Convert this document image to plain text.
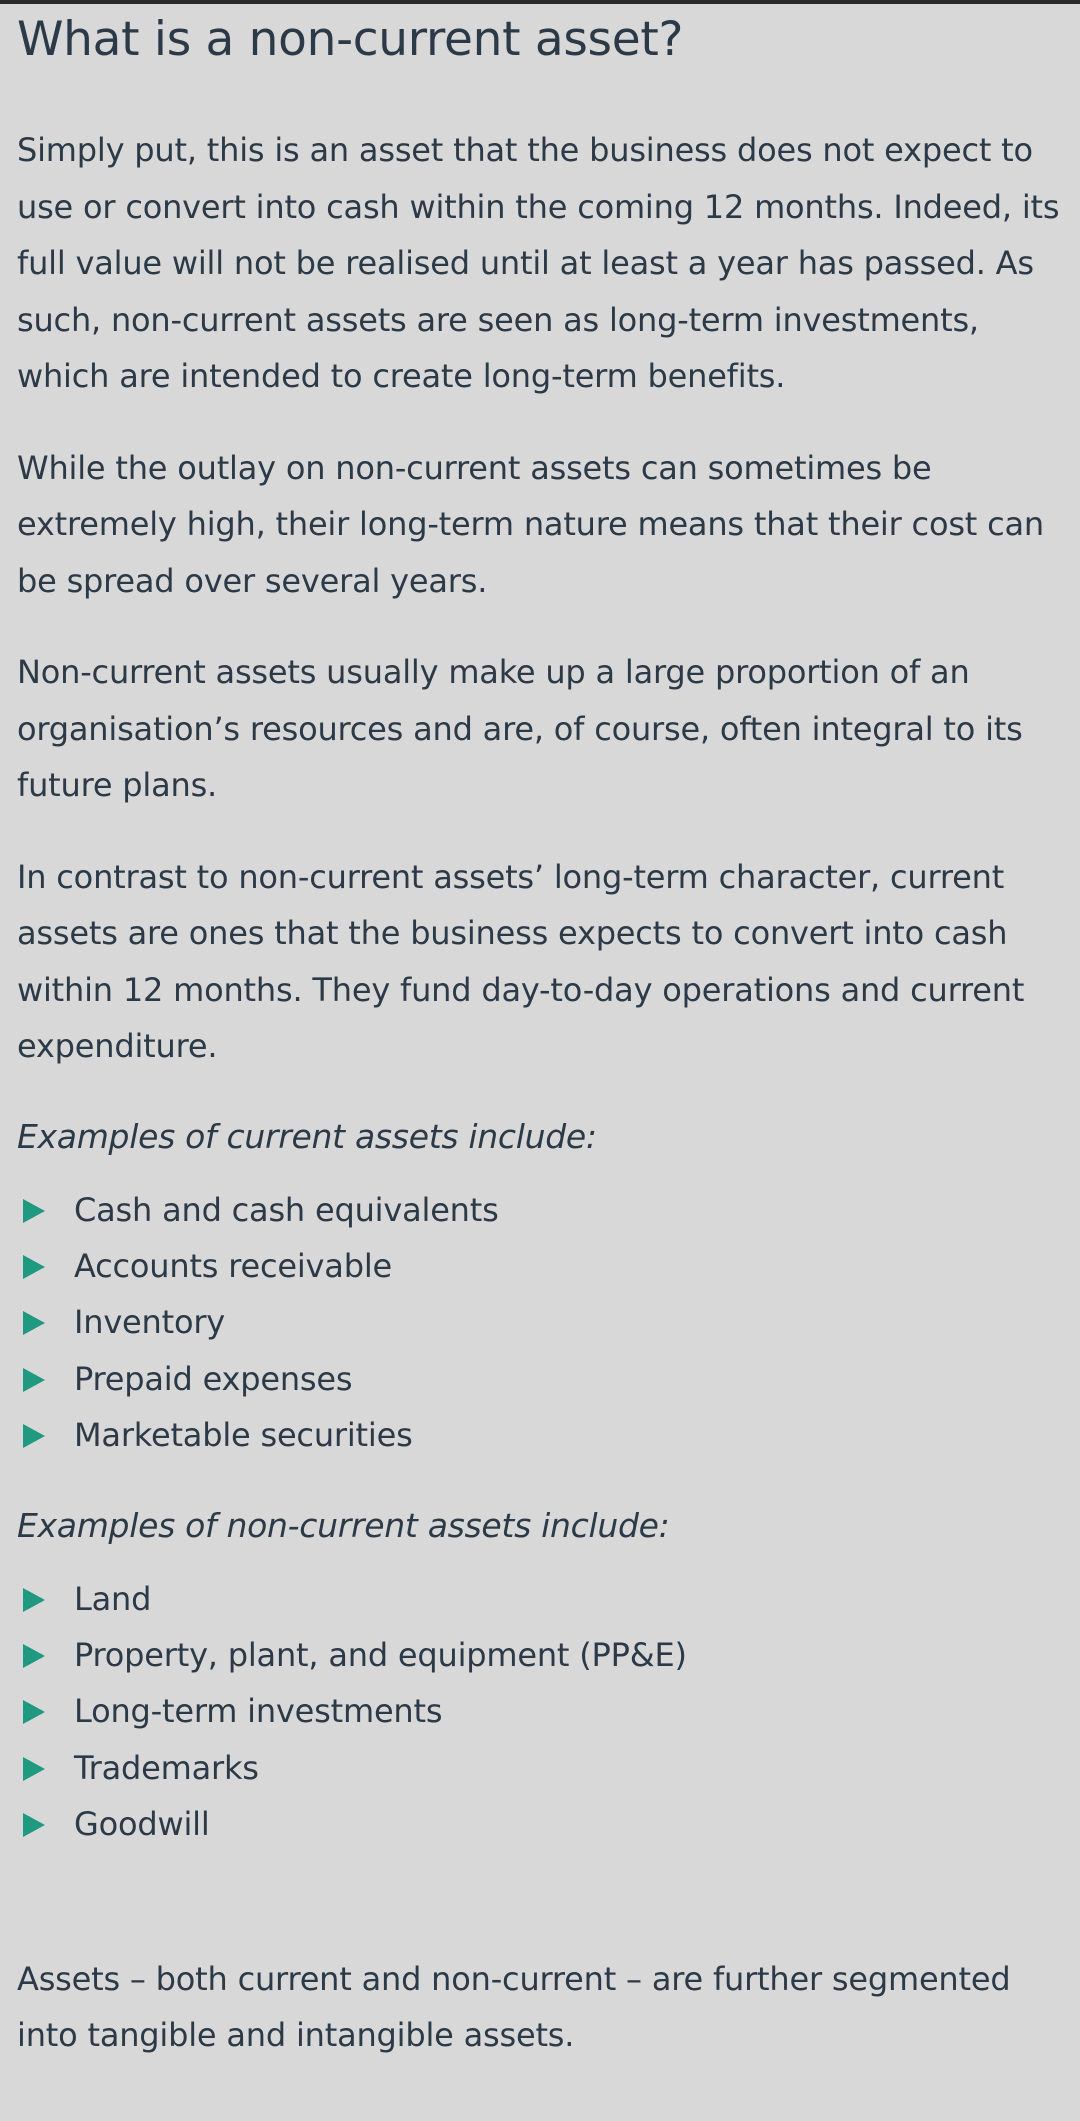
What is a non-current asset?

Simply put, this is an asset that the business does not expect to use or convert into cash within the coming 12 months. Indeed, its full value will not be realised until at least a year has passed. As such, non-current assets are seen as long-term investments, which are intended to create long-term benefits.

While the outlay on non-current assets can sometimes be extremely high, their long-term nature means that their cost can be spread over several years.

Non-current assets usually make up a large proportion of an organisation’s resources and are, of course, often integral to its future plans.

In contrast to non-current assets’ long-term character, current assets are ones that the business expects to convert into cash within 12 months. They fund day-to-day operations and current expenditure.

Examples of current assets include:
Cash and cash equivalents
Accounts receivable
Inventory
Prepaid expenses
Marketable securities
Examples of non-current assets include:
Land
Property, plant, and equipment (PP&E)
Long-term investments
Trademarks
Goodwill

Assets – both current and non-current – are further segmented into tangible and intangible assets.
